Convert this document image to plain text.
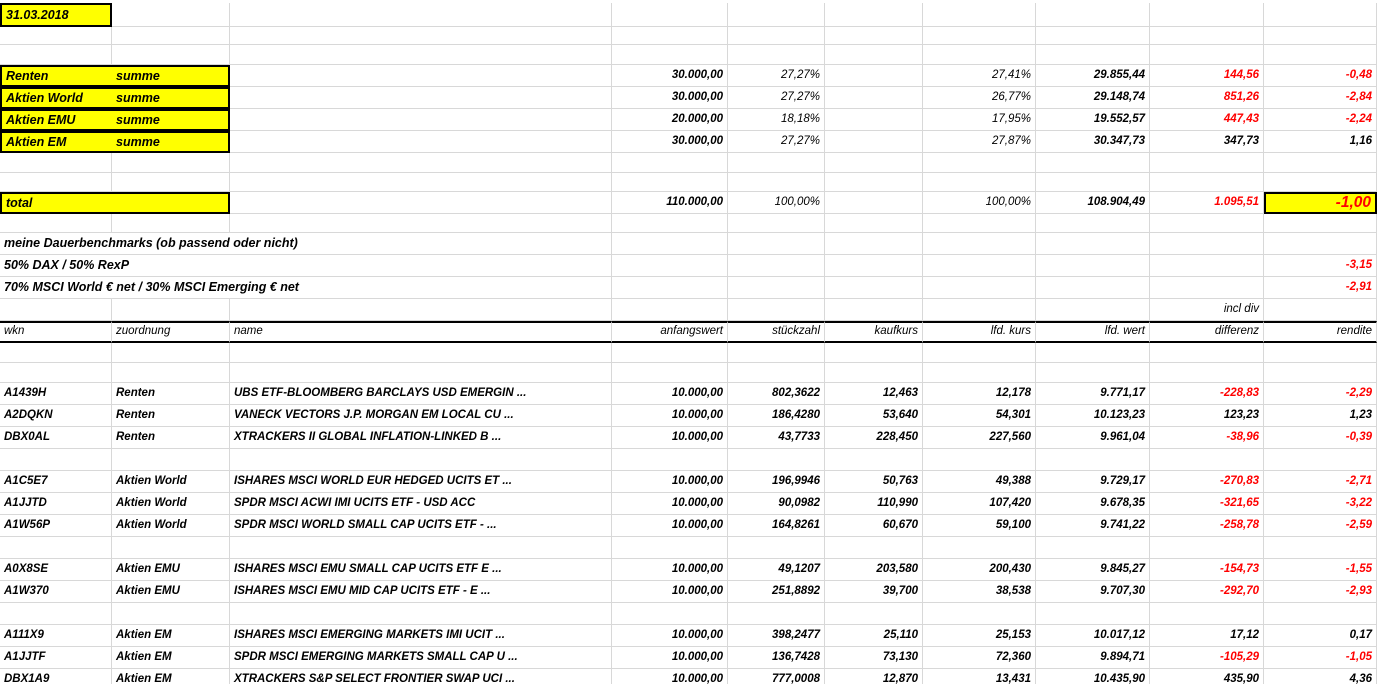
31.03.2018
Renten	summe	30.000,00	27,27%	27,41%	29.855,44	144,56	-0,48
Aktien World	summe	30.000,00	27,27%	26,77%	29.148,74	851,26	-2,84
Aktien EMU	summe	20.000,00	18,18%	17,95%	19.552,57	447,43	-2,24
Aktien EM	summe	30.000,00	27,27%	27,87%	30.347,73	347,73	1,16
total	110.000,00	100,00%	100,00%	108.904,49	1.095,51	-1,00
meine Dauerbenchmarks (ob passend oder nicht)
50% DAX / 50% RexP	-3,15
70% MSCI World € net / 30% MSCI Emerging € net	-2,91
incl div
wkn	zuordnung	name	anfangswert	stückzahl	kaufkurs	lfd. kurs	lfd. wert	differenz	rendite
A1439H	Renten	UBS ETF-BLOOMBERG BARCLAYS USD EMERGIN ...	10.000,00	802,3622	12,463	12,178	9.771,17	-228,83	-2,29
A2DQKN	Renten	VANECK VECTORS J.P. MORGAN EM LOCAL CU ...	10.000,00	186,4280	53,640	54,301	10.123,23	123,23	1,23
DBX0AL	Renten	XTRACKERS II GLOBAL INFLATION-LINKED B ...	10.000,00	43,7733	228,450	227,560	9.961,04	-38,96	-0,39
A1C5E7	Aktien World	ISHARES MSCI WORLD EUR HEDGED UCITS ET ...	10.000,00	196,9946	50,763	49,388	9.729,17	-270,83	-2,71
A1JJTD	Aktien World	SPDR MSCI ACWI IMI UCITS ETF - USD ACC	10.000,00	90,0982	110,990	107,420	9.678,35	-321,65	-3,22
A1W56P	Aktien World	SPDR MSCI WORLD SMALL CAP UCITS ETF - ...	10.000,00	164,8261	60,670	59,100	9.741,22	-258,78	-2,59
A0X8SE	Aktien EMU	ISHARES MSCI EMU SMALL CAP UCITS ETF E ...	10.000,00	49,1207	203,580	200,430	9.845,27	-154,73	-1,55
A1W370	Aktien EMU	ISHARES MSCI EMU MID CAP UCITS ETF - E ...	10.000,00	251,8892	39,700	38,538	9.707,30	-292,70	-2,93
A111X9	Aktien EM	ISHARES MSCI EMERGING MARKETS IMI UCIT ...	10.000,00	398,2477	25,110	25,153	10.017,12	17,12	0,17
A1JJTF	Aktien EM	SPDR MSCI EMERGING MARKETS SMALL CAP U ...	10.000,00	136,7428	73,130	72,360	9.894,71	-105,29	-1,05
DBX1A9	Aktien EM	XTRACKERS S&P SELECT FRONTIER SWAP UCI ...	10.000,00	777,0008	12,870	13,431	10.435,90	435,90	4,36
